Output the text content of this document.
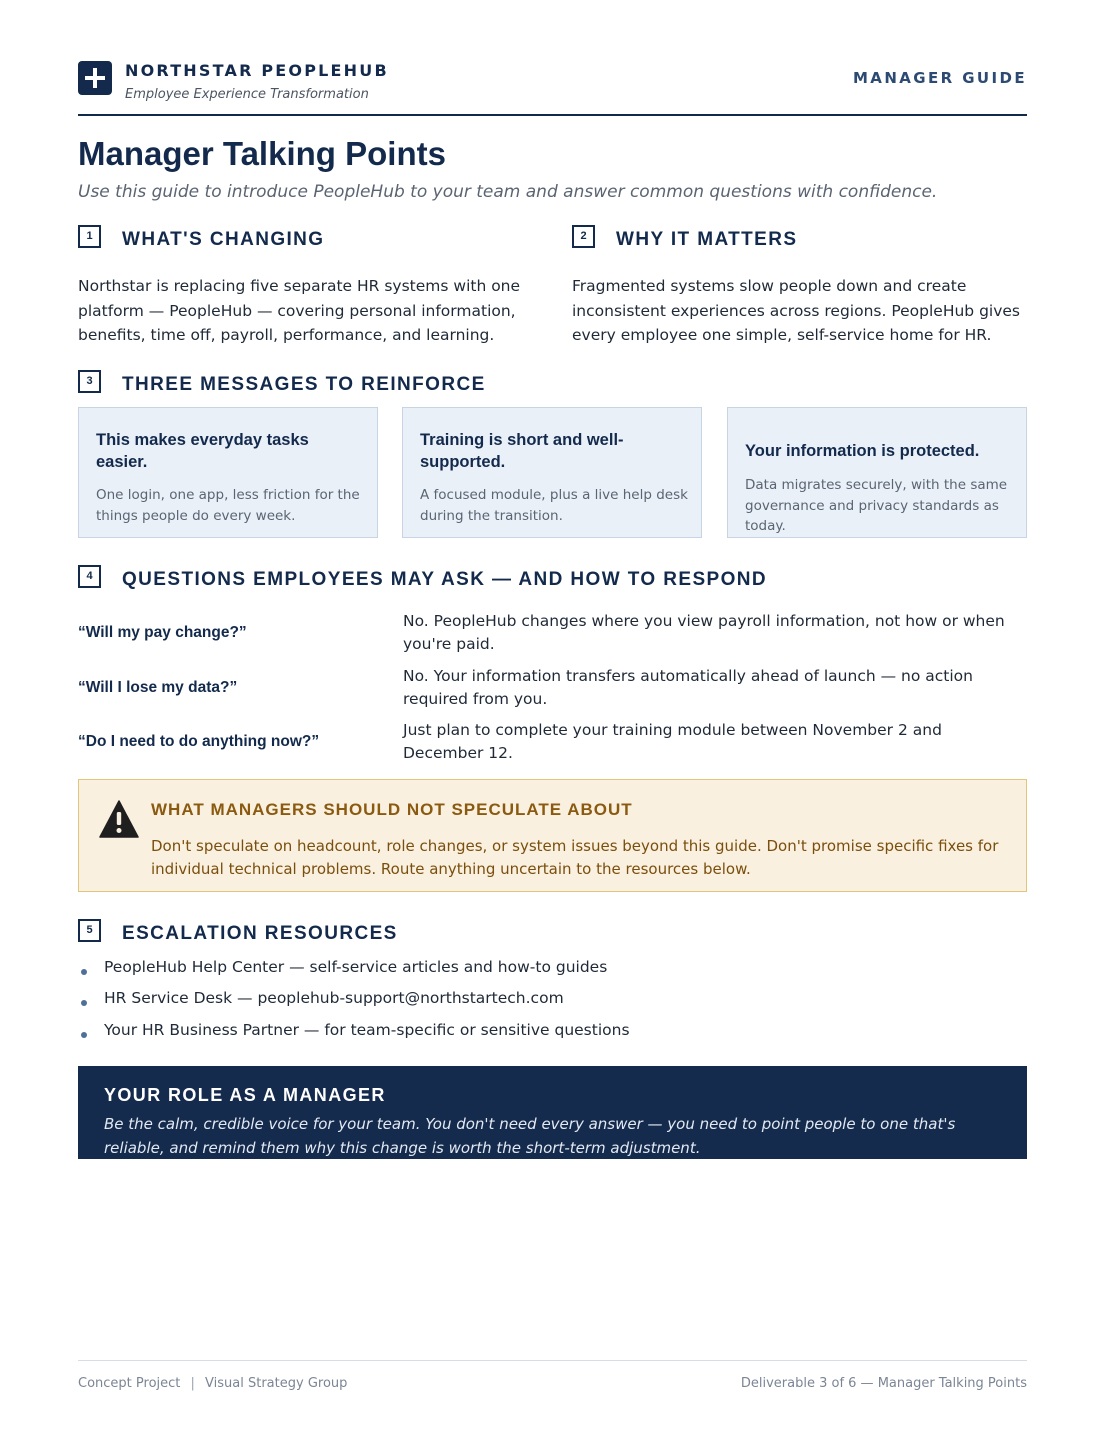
NORTHSTAR PEOPLEHUB
Employee Experience Transformation
MANAGER GUIDE
Manager Talking Points
Use this guide to introduce PeopleHub to your team and answer common questions with confidence.
1	WHAT'S CHANGING
Northstar is replacing five separate HR systems with one platform — PeopleHub — covering personal information, benefits, time off, payroll, performance, and learning.
2	WHY IT MATTERS
Fragmented systems slow people down and create inconsistent experiences across regions. PeopleHub gives every employee one simple, self-service home for HR.
3	THREE MESSAGES TO REINFORCE
This makes everyday tasks easier.
One login, one app, less friction for the things people do every week.
Training is short and well-supported.
A focused module, plus a live help desk during the transition.
Your information is protected.
Data migrates securely, with the same governance and privacy standards as today.
4	QUESTIONS EMPLOYEES MAY ASK — AND HOW TO RESPOND
“Will my pay change?”
No. PeopleHub changes where you view payroll information, not how or when you're paid.
“Will I lose my data?”
No. Your information transfers automatically ahead of launch — no action required from you.
“Do I need to do anything now?”
Just plan to complete your training module between November 2 and December 12.
WHAT MANAGERS SHOULD NOT SPECULATE ABOUT
Don't speculate on headcount, role changes, or system issues beyond this guide. Don't promise specific fixes for individual technical problems. Route anything uncertain to the resources below.
5	ESCALATION RESOURCES
PeopleHub Help Center — self-service articles and how-to guides
HR Service Desk — peoplehub-support@northstartech.com
Your HR Business Partner — for team-specific or sensitive questions
YOUR ROLE AS A MANAGER
Be the calm, credible voice for your team. You don't need every answer — you need to point people to one that's reliable, and remind them why this change is worth the short-term adjustment.
Concept Project | Visual Strategy Group	Deliverable 3 of 6 — Manager Talking Points
